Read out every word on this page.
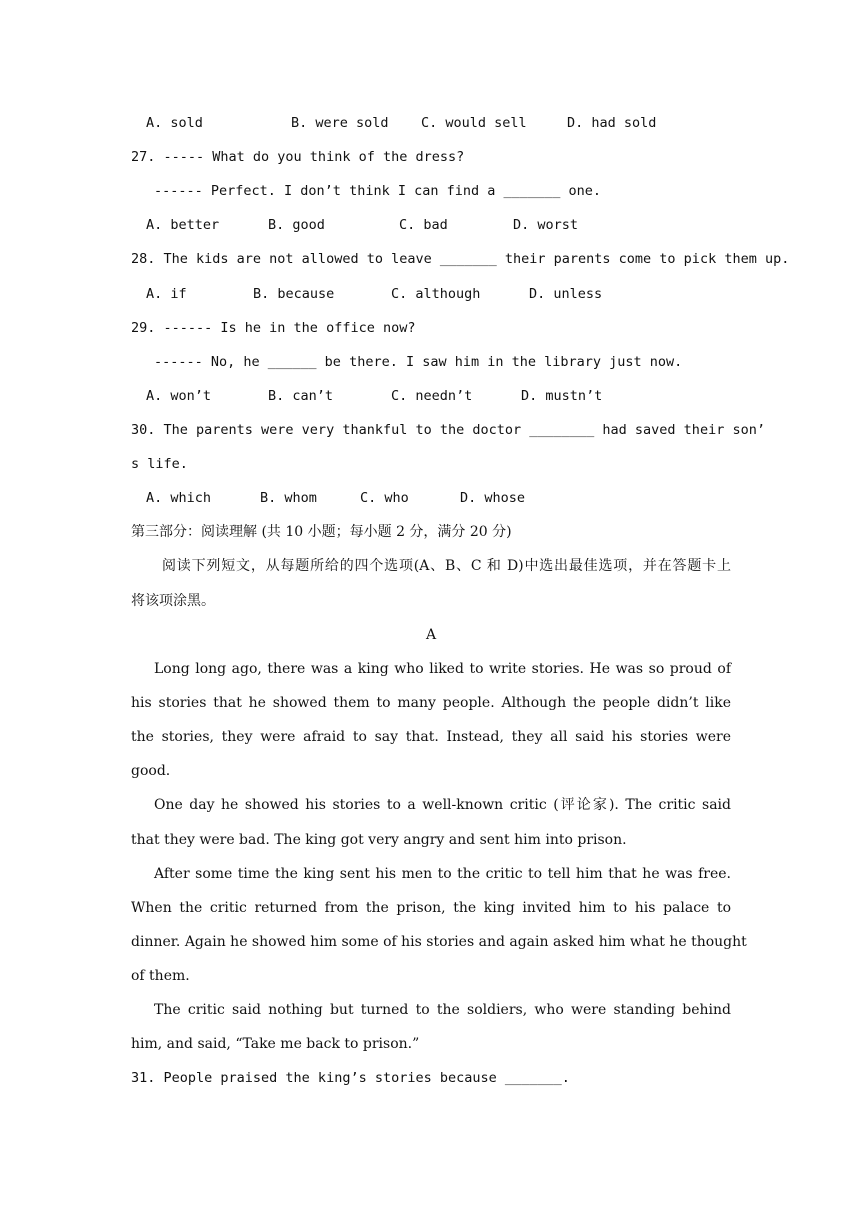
A. sold	B. were sold C. would sell	D. had sold
27. ----- What do you think of the dress?
------ Perfect. I don’t think I can find a _______ one.
A. better	B. good	C. bad	D. worst
28. The kids are not allowed to leave _______ their parents come to pick them up.
A. if	B. because	C. although	D. unless
29. ------ Is he in the office now?
------ No, he ______ be there. I saw him in the library just now.
A. won’t	B. can’t	C. needn’t	D. mustn’t
30. The parents were very thankful to the doctor ________ had saved their son’
s life.
A. which	B. whom	C. who	D. whose
第三部分：阅读理解 (共 10 小题；每小题 2 分，满分 20 分)
阅读下列短文，从每题所给的四个选项(A、B、C 和 D)中选出最佳选项，并在答题卡上
将该项涂黑。
A
Long long ago, there was a king who liked to write stories. He was so proud of
his stories that he showed them to many people. Although the people didn’t like
the stories, they were afraid to say that. Instead, they all said his stories were
good.
One day he showed his stories to a well-known critic (评论家). The critic said
that they were bad. The king got very angry and sent him into prison.
After some time the king sent his men to the critic to tell him that he was free.
When the critic returned from the prison, the king invited him to his palace to
dinner. Again he showed him some of his stories and again asked him what he thought
of them.
The critic said nothing but turned to the soldiers, who were standing behind
him, and said, “Take me back to prison.”
31. People praised the king’s stories because _______.
